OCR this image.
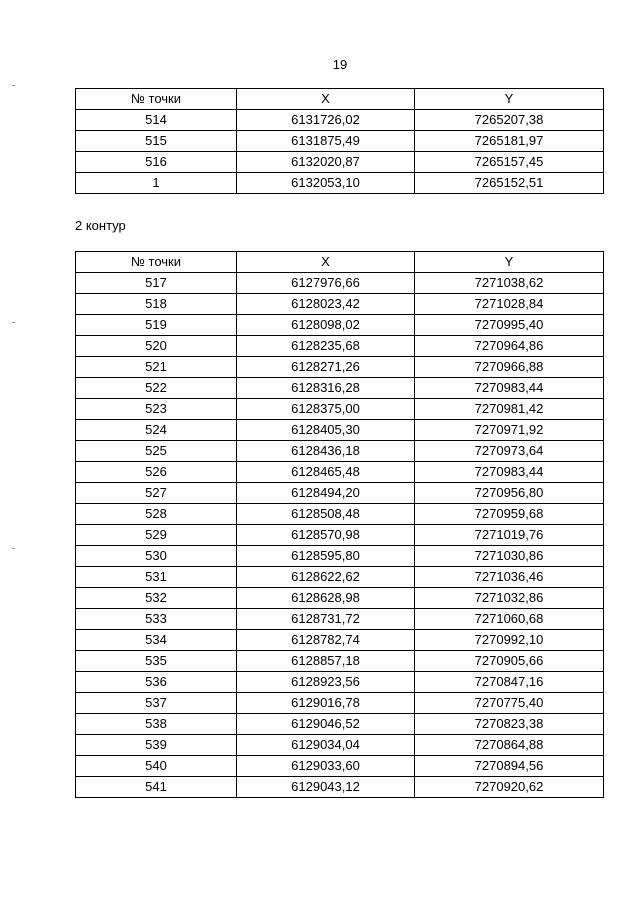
19
№ точки	X	Y
514	6131726,02	7265207,38
515	6131875,49	7265181,97
516	6132020,87	7265157,45
1	6132053,10	7265152,51
2 контур
№ точки	X	Y
517	6127976,66	7271038,62
518	6128023,42	7271028,84
519	6128098,02	7270995,40
520	6128235,68	7270964,86
521	6128271,26	7270966,88
522	6128316,28	7270983,44
523	6128375,00	7270981,42
524	6128405,30	7270971,92
525	6128436,18	7270973,64
526	6128465,48	7270983,44
527	6128494,20	7270956,80
528	6128508,48	7270959,68
529	6128570,98	7271019,76
530	6128595,80	7271030,86
531	6128622,62	7271036,46
532	6128628,98	7271032,86
533	6128731,72	7271060,68
534	6128782,74	7270992,10
535	6128857,18	7270905,66
536	6128923,56	7270847,16
537	6129016,78	7270775,40
538	6129046,52	7270823,38
539	6129034,04	7270864,88
540	6129033,60	7270894,56
541	6129043,12	7270920,62
